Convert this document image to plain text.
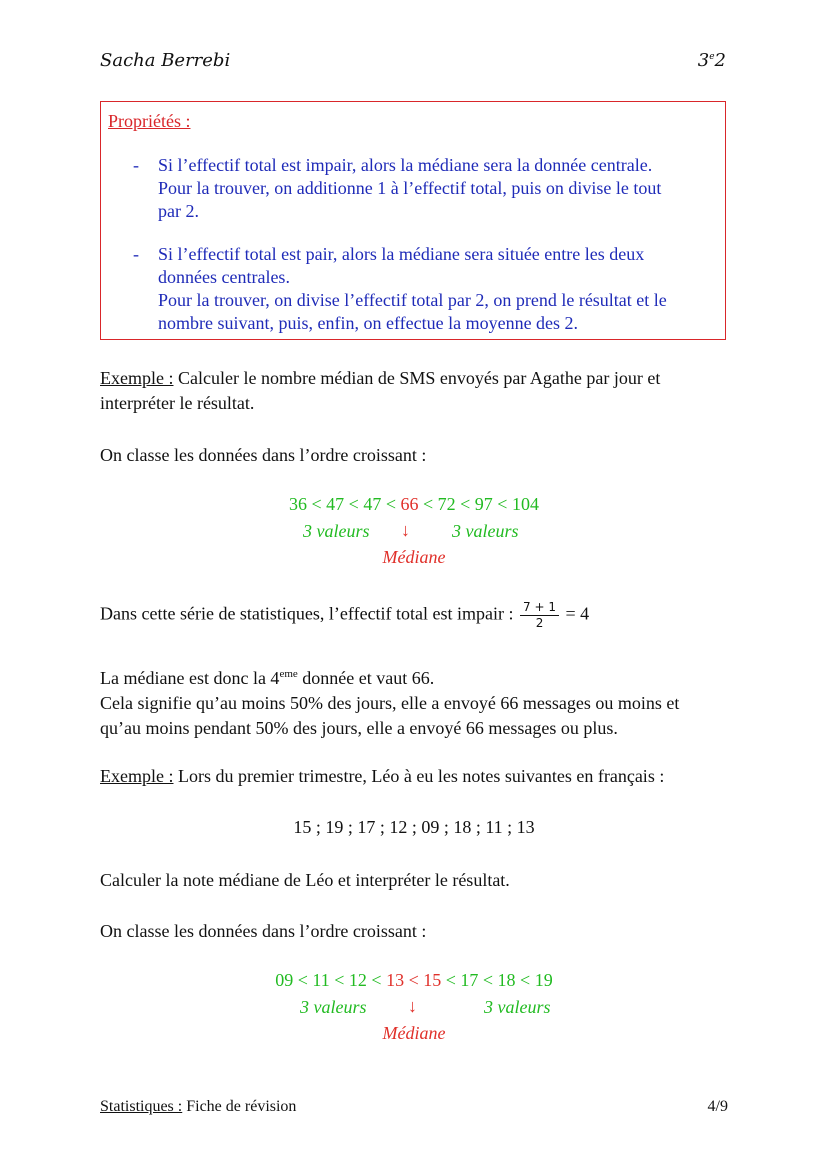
Sacha Berrebi	3e2
Propriétés :
- Si l’effectif total est impair, alors la médiane sera la donnée centrale.
Pour la trouver, on additionne 1 à l’effectif total, puis on divise le tout
par 2.
- Si l’effectif total est pair, alors la médiane sera située entre les deux
données centrales.
Pour la trouver, on divise l’effectif total par 2, on prend le résultat et le
nombre suivant, puis, enfin, on effectue la moyenne des 2.
Exemple : Calculer le nombre médian de SMS envoyés par Agathe par jour et
interpréter le résultat.
On classe les données dans l’ordre croissant :
36 < 47 < 47 < 66 < 72 < 97 < 104
3 valeurs ↓ 3 valeurs
Médiane
Dans cette série de statistiques, l’effectif total est impair : $\frac{7 + 1}{2} = 4$
La médiane est donc la 4eme donnée et vaut 66.
Cela signifie qu’au moins 50% des jours, elle a envoyé 66 messages ou moins et
qu’au moins pendant 50% des jours, elle a envoyé 66 messages ou plus.
Exemple : Lors du premier trimestre, Léo à eu les notes suivantes en français :
15 ; 19 ; 17 ; 12 ; 09 ; 18 ; 11 ; 13
Calculer la note médiane de Léo et interpréter le résultat.
On classe les données dans l’ordre croissant :
09 < 11 < 12 < 13 < 15 < 17 < 18 < 19
3 valeurs ↓	3 valeurs
Médiane
Statistiques : Fiche de révision	4/9
